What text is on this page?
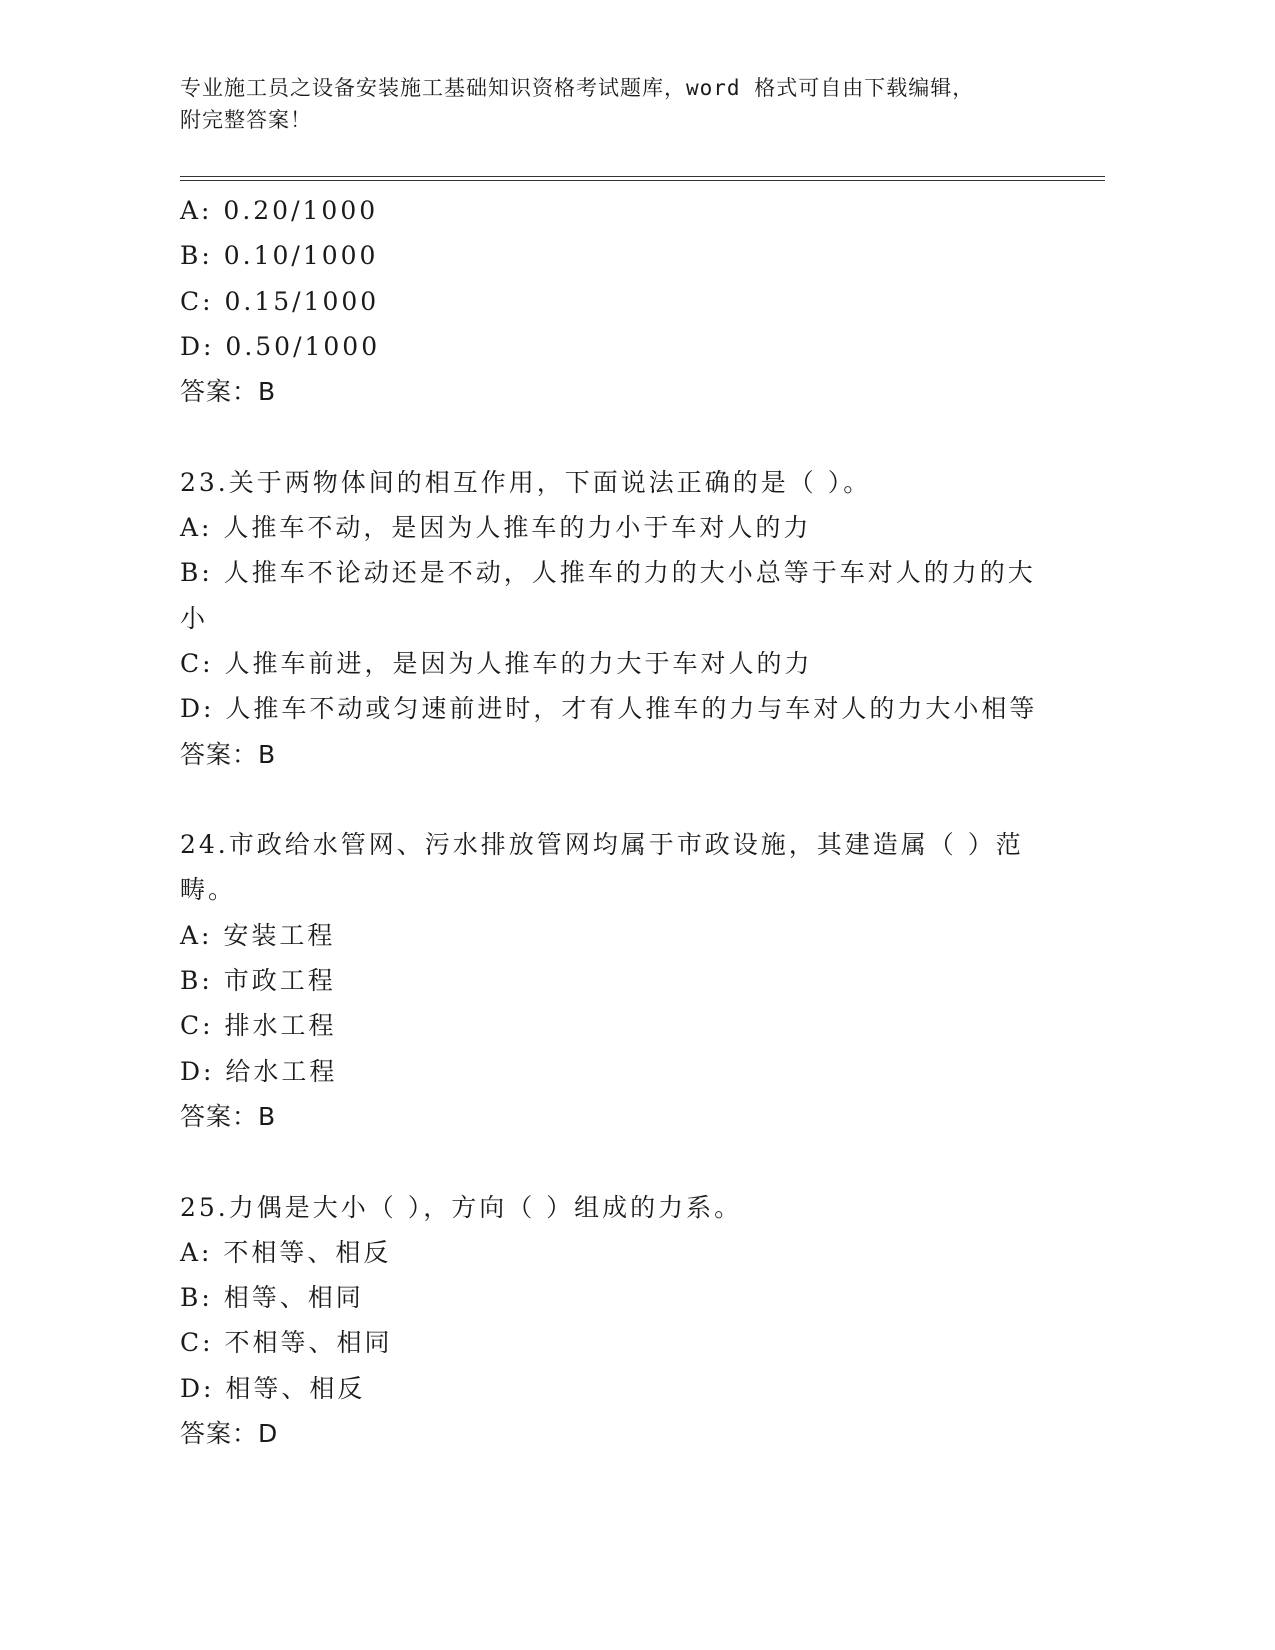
专业施工员之设备安装施工基础知识资格考试题库，word 格式可自由下载编辑，
附完整答案！

A: 0.20/1000

B: 0.10/1000

C: 0.15/1000

D: 0.50/1000

答案：B

23.关于两物体间的相互作用，下面说法正确的是（ ）。

A: 人推车不动，是因为人推车的力小于车对人的力

B: 人推车不论动还是不动，人推车的力的大小总等于车对人的力的大小

C: 人推车前进，是因为人推车的力大于车对人的力

D: 人推车不动或匀速前进时，才有人推车的力与车对人的力大小相等

答案：B

24.市政给水管网、污水排放管网均属于市政设施，其建造属（ ）范畴。

A: 安装工程

B: 市政工程

C: 排水工程

D: 给水工程

答案：B

25.力偶是大小（ ），方向（ ）组成的力系。

A: 不相等、相反

B: 相等、相同

C: 不相等、相同

D: 相等、相反

答案：D
